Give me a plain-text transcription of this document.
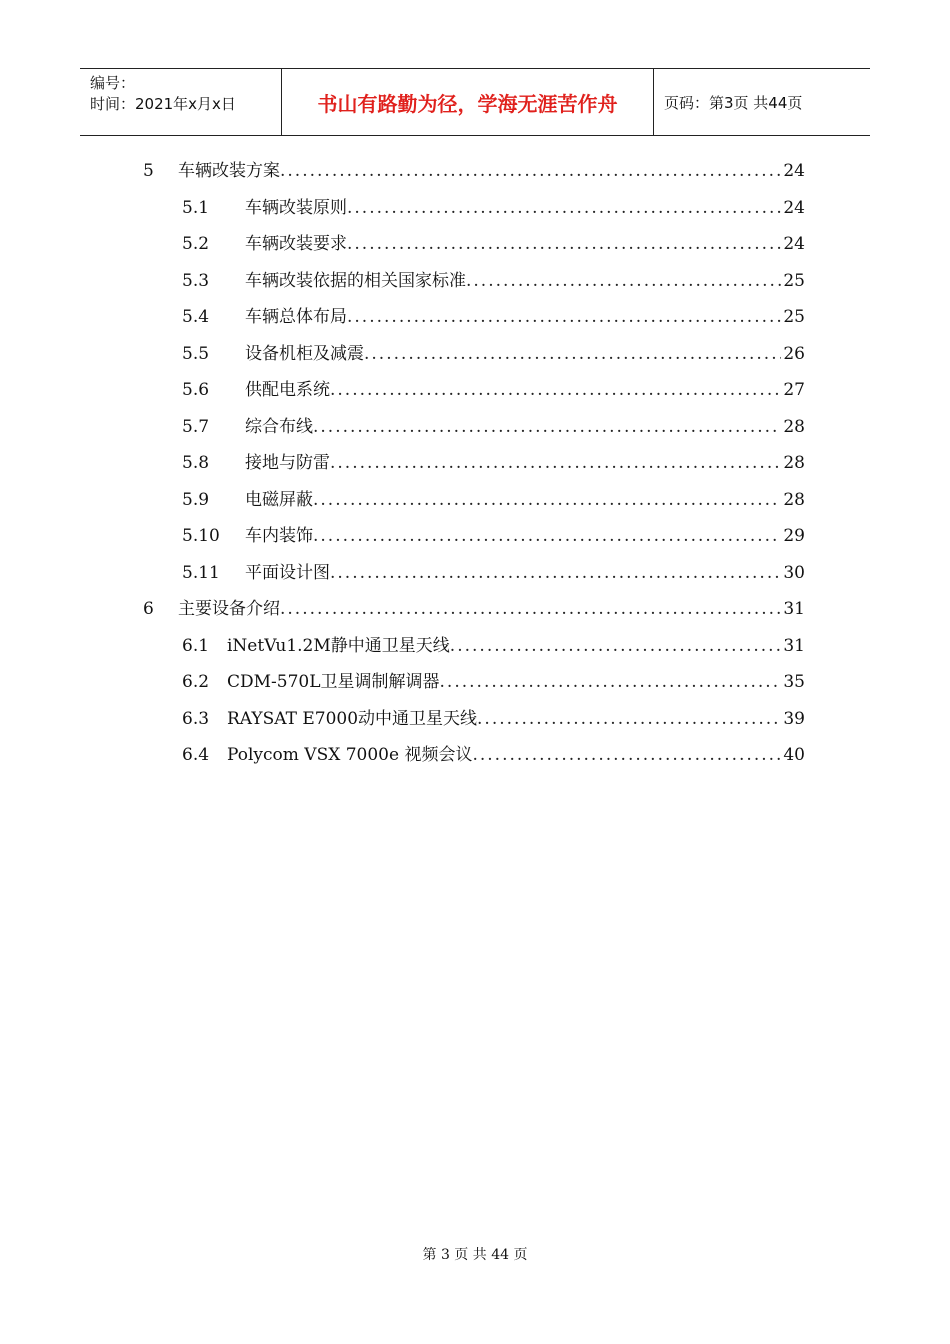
编号：
时间：2021年x月x日	书山有路勤为径，学海无涯苦作舟	页码：第3页 共44页
5	车辆改装方案 .....	24
5.1	车辆改装原则 .....	24
5.2	车辆改装要求 .....	24
5.3	车辆改装依据的相关国家标准 .....	25
5.4	车辆总体布局 .....	25
5.5	设备机柜及减震 .....	26
5.6	供配电系统 .....	27
5.7	综合布线 .....	28
5.8	接地与防雷 .....	28
5.9	电磁屏蔽 .....	28
5.10	车内装饰 .....	29
5.11	平面设计图 .....	30
6	主要设备介绍 .....	31
6.1	iNetVu1.2M静中通卫星天线 .....	31
6.2	CDM-570L卫星调制解调器 .....	35
6.3	RAYSAT E7000动中通卫星天线 .....	39
6.4	Polycom VSX 7000e 视频会议 .....	40
第 3 页 共 44 页
